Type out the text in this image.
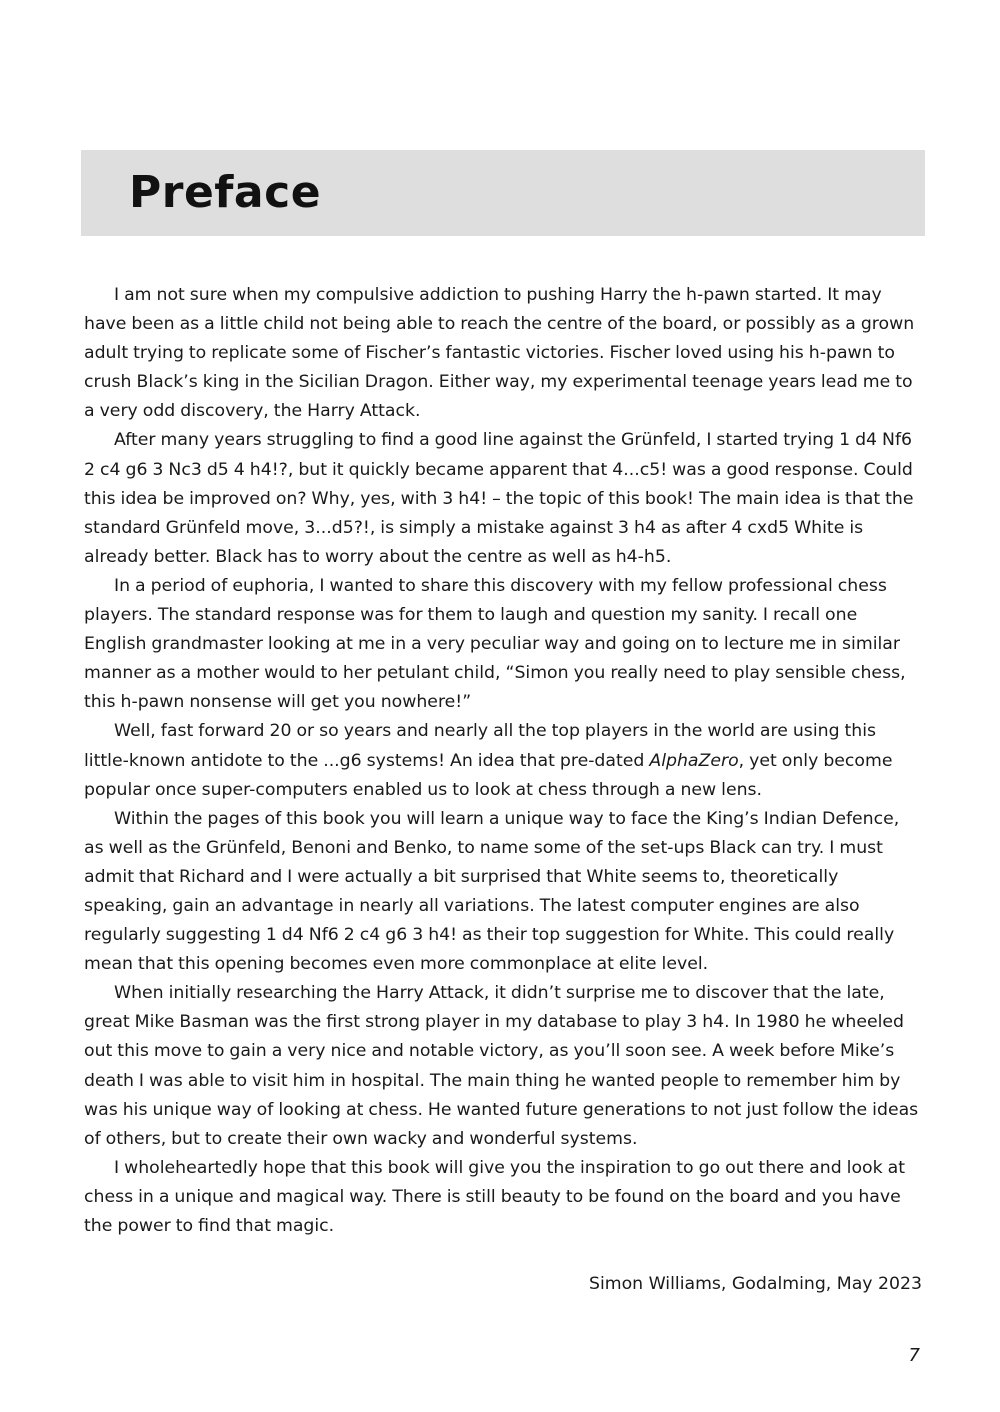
Preface

I am not sure when my compulsive addiction to pushing Harry the h-pawn started. It may have been as a little child not being able to reach the centre of the board, or possibly as a grown adult trying to replicate some of Fischer’s fantastic victories. Fischer loved using his h-pawn to crush Black’s king in the Sicilian Dragon. Either way, my experimental teenage years lead me to a very odd discovery, the Harry Attack.

After many years struggling to find a good line against the Grünfeld, I started trying 1 d4 Nf6 2 c4 g6 3 Nc3 d5 4 h4!?, but it quickly became apparent that 4...c5! was a good response. Could this idea be improved on? Why, yes, with 3 h4! – the topic of this book! The main idea is that the standard Grünfeld move, 3...d5?!, is simply a mistake against 3 h4 as after 4 cxd5 White is already better. Black has to worry about the centre as well as h4-h5.

In a period of euphoria, I wanted to share this discovery with my fellow professional chess players. The standard response was for them to laugh and question my sanity. I recall one English grandmaster looking at me in a very peculiar way and going on to lecture me in similar manner as a mother would to her petulant child, “Simon you really need to play sensible chess, this h-pawn nonsense will get you nowhere!”

Well, fast forward 20 or so years and nearly all the top players in the world are using this little-known antidote to the ...g6 systems! An idea that pre-dated AlphaZero, yet only become popular once super-computers enabled us to look at chess through a new lens.

Within the pages of this book you will learn a unique way to face the King’s Indian Defence, as well as the Grünfeld, Benoni and Benko, to name some of the set-ups Black can try. I must admit that Richard and I were actually a bit surprised that White seems to, theoretically speaking, gain an advantage in nearly all variations. The latest computer engines are also regularly suggesting 1 d4 Nf6 2 c4 g6 3 h4! as their top suggestion for White. This could really mean that this opening becomes even more commonplace at elite level.

When initially researching the Harry Attack, it didn’t surprise me to discover that the late, great Mike Basman was the first strong player in my database to play 3 h4. In 1980 he wheeled out this move to gain a very nice and notable victory, as you’ll soon see. A week before Mike’s death I was able to visit him in hospital. The main thing he wanted people to remember him by was his unique way of looking at chess. He wanted future generations to not just follow the ideas of others, but to create their own wacky and wonderful systems.

I wholeheartedly hope that this book will give you the inspiration to go out there and look at chess in a unique and magical way. There is still beauty to be found on the board and you have the power to find that magic.

Simon Williams, Godalming, May 2023

7
